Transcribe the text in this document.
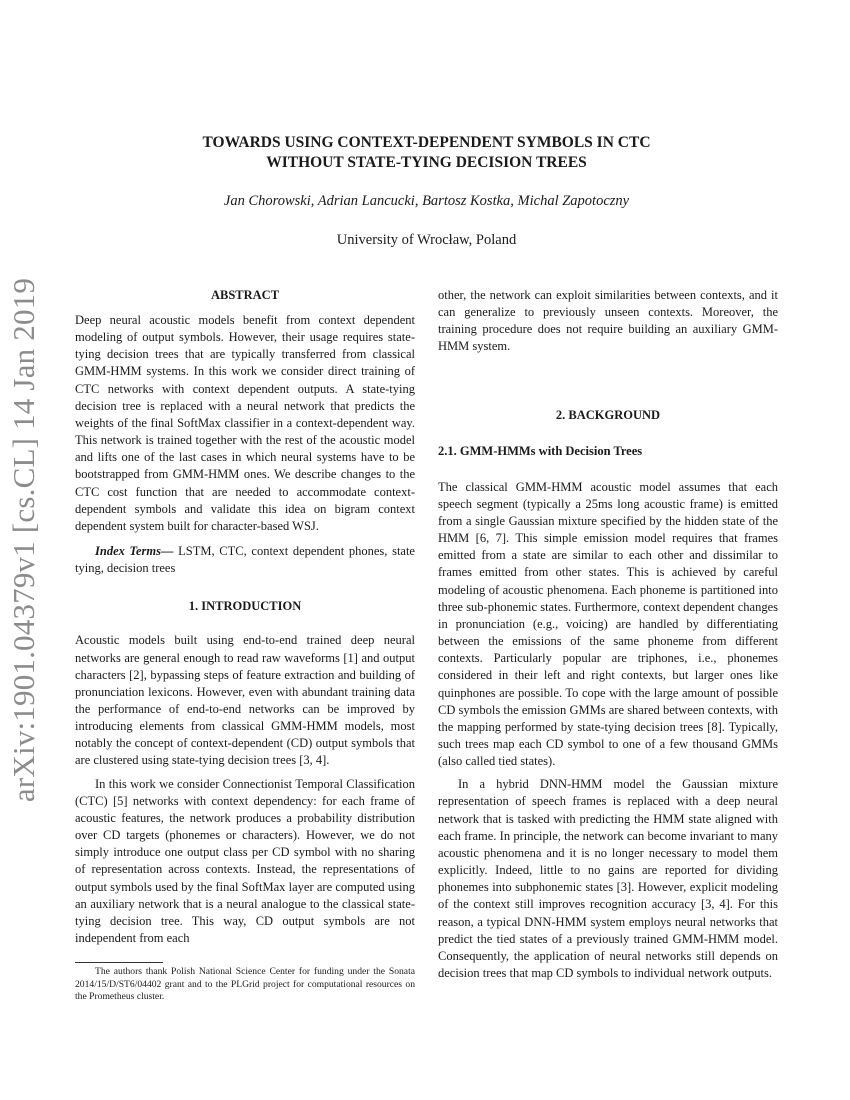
arXiv:1901.04379v1 [cs.CL] 14 Jan 2019
TOWARDS USING CONTEXT-DEPENDENT SYMBOLS IN CTC
WITHOUT STATE-TYING DECISION TREES
Jan Chorowski, Adrian Lancucki, Bartosz Kostka, Michal Zapotoczny
University of Wrocław, Poland
ABSTRACT

Deep neural acoustic models benefit from context dependent modeling of output symbols. However, their usage requires state-tying decision trees that are typically transferred from classical GMM-HMM systems. In this work we consider direct training of CTC networks with context dependent outputs. A state-tying decision tree is replaced with a neural network that predicts the weights of the final SoftMax classifier in a context-dependent way. This network is trained together with the rest of the acoustic model and lifts one of the last cases in which neural systems have to be bootstrapped from GMM-HMM ones. We describe changes to the CTC cost function that are needed to accommodate context-dependent symbols and validate this idea on bigram context dependent system built for character-based WSJ.

Index Terms— LSTM, CTC, context dependent phones, state tying, decision trees

1. INTRODUCTION

Acoustic models built using end-to-end trained deep neural networks are general enough to read raw waveforms [1] and output characters [2], bypassing steps of feature extraction and building of pronunciation lexicons. However, even with abundant training data the performance of end-to-end networks can be improved by introducing elements from classical GMM-HMM models, most notably the concept of context-dependent (CD) output symbols that are clustered using state-tying decision trees [3, 4].

In this work we consider Connectionist Temporal Classification (CTC) [5] networks with context dependency: for each frame of acoustic features, the network produces a probability distribution over CD targets (phonemes or characters). However, we do not simply introduce one output class per CD symbol with no sharing of representation across contexts. Instead, the representations of output symbols used by the final SoftMax layer are computed using an auxiliary network that is a neural analogue to the classical state-tying decision tree. This way, CD output symbols are not independent from each

other, the network can exploit similarities between contexts, and it can generalize to previously unseen contexts. Moreover, the training procedure does not require building an auxiliary GMM-HMM system.

2. BACKGROUND
2.1. GMM-HMMs with Decision Trees

The classical GMM-HMM acoustic model assumes that each speech segment (typically a 25ms long acoustic frame) is emitted from a single Gaussian mixture specified by the hidden state of the HMM [6, 7]. This simple emission model requires that frames emitted from a state are similar to each other and dissimilar to frames emitted from other states. This is achieved by careful modeling of acoustic phenomena. Each phoneme is partitioned into three sub-phonemic states. Furthermore, context dependent changes in pronunciation (e.g., voicing) are handled by differentiating between the emissions of the same phoneme from different contexts. Particularly popular are triphones, i.e., phonemes considered in their left and right contexts, but larger ones like quinphones are possible. To cope with the large amount of possible CD symbols the emission GMMs are shared between contexts, with the mapping performed by state-tying decision trees [8]. Typically, such trees map each CD symbol to one of a few thousand GMMs (also called tied states).

In a hybrid DNN-HMM model the Gaussian mixture representation of speech frames is replaced with a deep neural network that is tasked with predicting the HMM state aligned with each frame. In principle, the network can become invariant to many acoustic phenomena and it is no longer necessary to model them explicitly. Indeed, little to no gains are reported for dividing phonemes into subphonemic states [3]. However, explicit modeling of the context still improves recognition accuracy [3, 4]. For this reason, a typical DNN-HMM system employs neural networks that predict the tied states of a previously trained GMM-HMM model. Consequently, the application of neural networks still depends on decision trees that map CD symbols to individual network outputs.

The authors thank Polish National Science Center for funding under the Sonata 2014/15/D/ST6/04402 grant and to the PLGrid project for computational resources on the Prometheus cluster.
